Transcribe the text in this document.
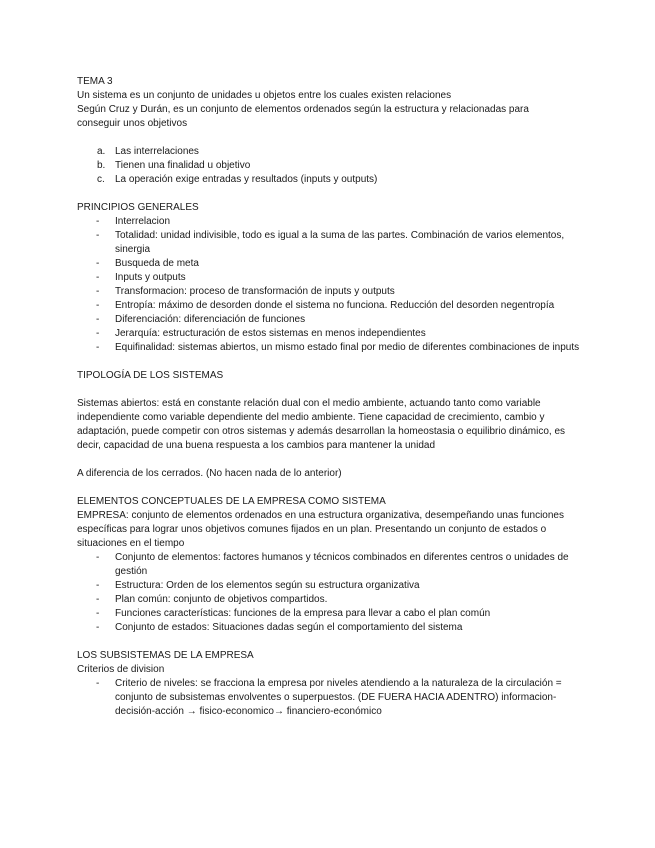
TEMA 3

Un sistema es un conjunto de unidades u objetos entre los cuales existen relaciones

Según Cruz y Durán, es un conjunto de elementos ordenados según la estructura y relacionadas para conseguir unos objetivos

a. Las interrelaciones
b. Tienen una finalidad u objetivo
c. La operación exige entradas y resultados (inputs y outputs)

PRINCIPIOS GENERALES

- Interrelacion
- Totalidad: unidad indivisible, todo es igual a la suma de las partes. Combinación de varios elementos, sinergia
- Busqueda de meta
- Inputs y outputs
- Transformacion: proceso de transformación de inputs y outputs
- Entropía: máximo de desorden donde el sistema no funciona. Reducción del desorden negentropía
- Diferenciación: diferenciación de funciones
- Jerarquía: estructuración de estos sistemas en menos independientes
- Equifinalidad: sistemas abiertos, un mismo estado final por medio de diferentes combinaciones de inputs

TIPOLOGÍA DE LOS SISTEMAS

Sistemas abiertos: está en constante relación dual con el medio ambiente, actuando tanto como variable independiente como variable dependiente del medio ambiente. Tiene capacidad de crecimiento, cambio y adaptación, puede competir con otros sistemas y además desarrollan la homeostasia o equilibrio dinámico, es decir, capacidad de una buena respuesta a los cambios para mantener la unidad

A diferencia de los cerrados. (No hacen nada de lo anterior)

ELEMENTOS CONCEPTUALES DE LA EMPRESA COMO SISTEMA

EMPRESA: conjunto de elementos ordenados en una estructura organizativa, desempeñando unas funciones específicas para lograr unos objetivos comunes fijados en un plan. Presentando un conjunto de estados o situaciones en el tiempo

- Conjunto de elementos: factores humanos y técnicos combinados en diferentes centros o unidades de gestión
- Estructura: Orden de los elementos según su estructura organizativa
- Plan común: conjunto de objetivos compartidos.
- Funciones características: funciones de la empresa para llevar a cabo el plan común
- Conjunto de estados: Situaciones dadas según el comportamiento del sistema

LOS SUBSISTEMAS DE LA EMPRESA

Criterios de division

- Criterio de niveles: se fracciona la empresa por niveles atendiendo a la naturaleza de la circulación = conjunto de subsistemas envolventes o superpuestos. (DE FUERA HACIA ADENTRO) informacion-decisión-acción → fisico-economico→ financiero-económico
